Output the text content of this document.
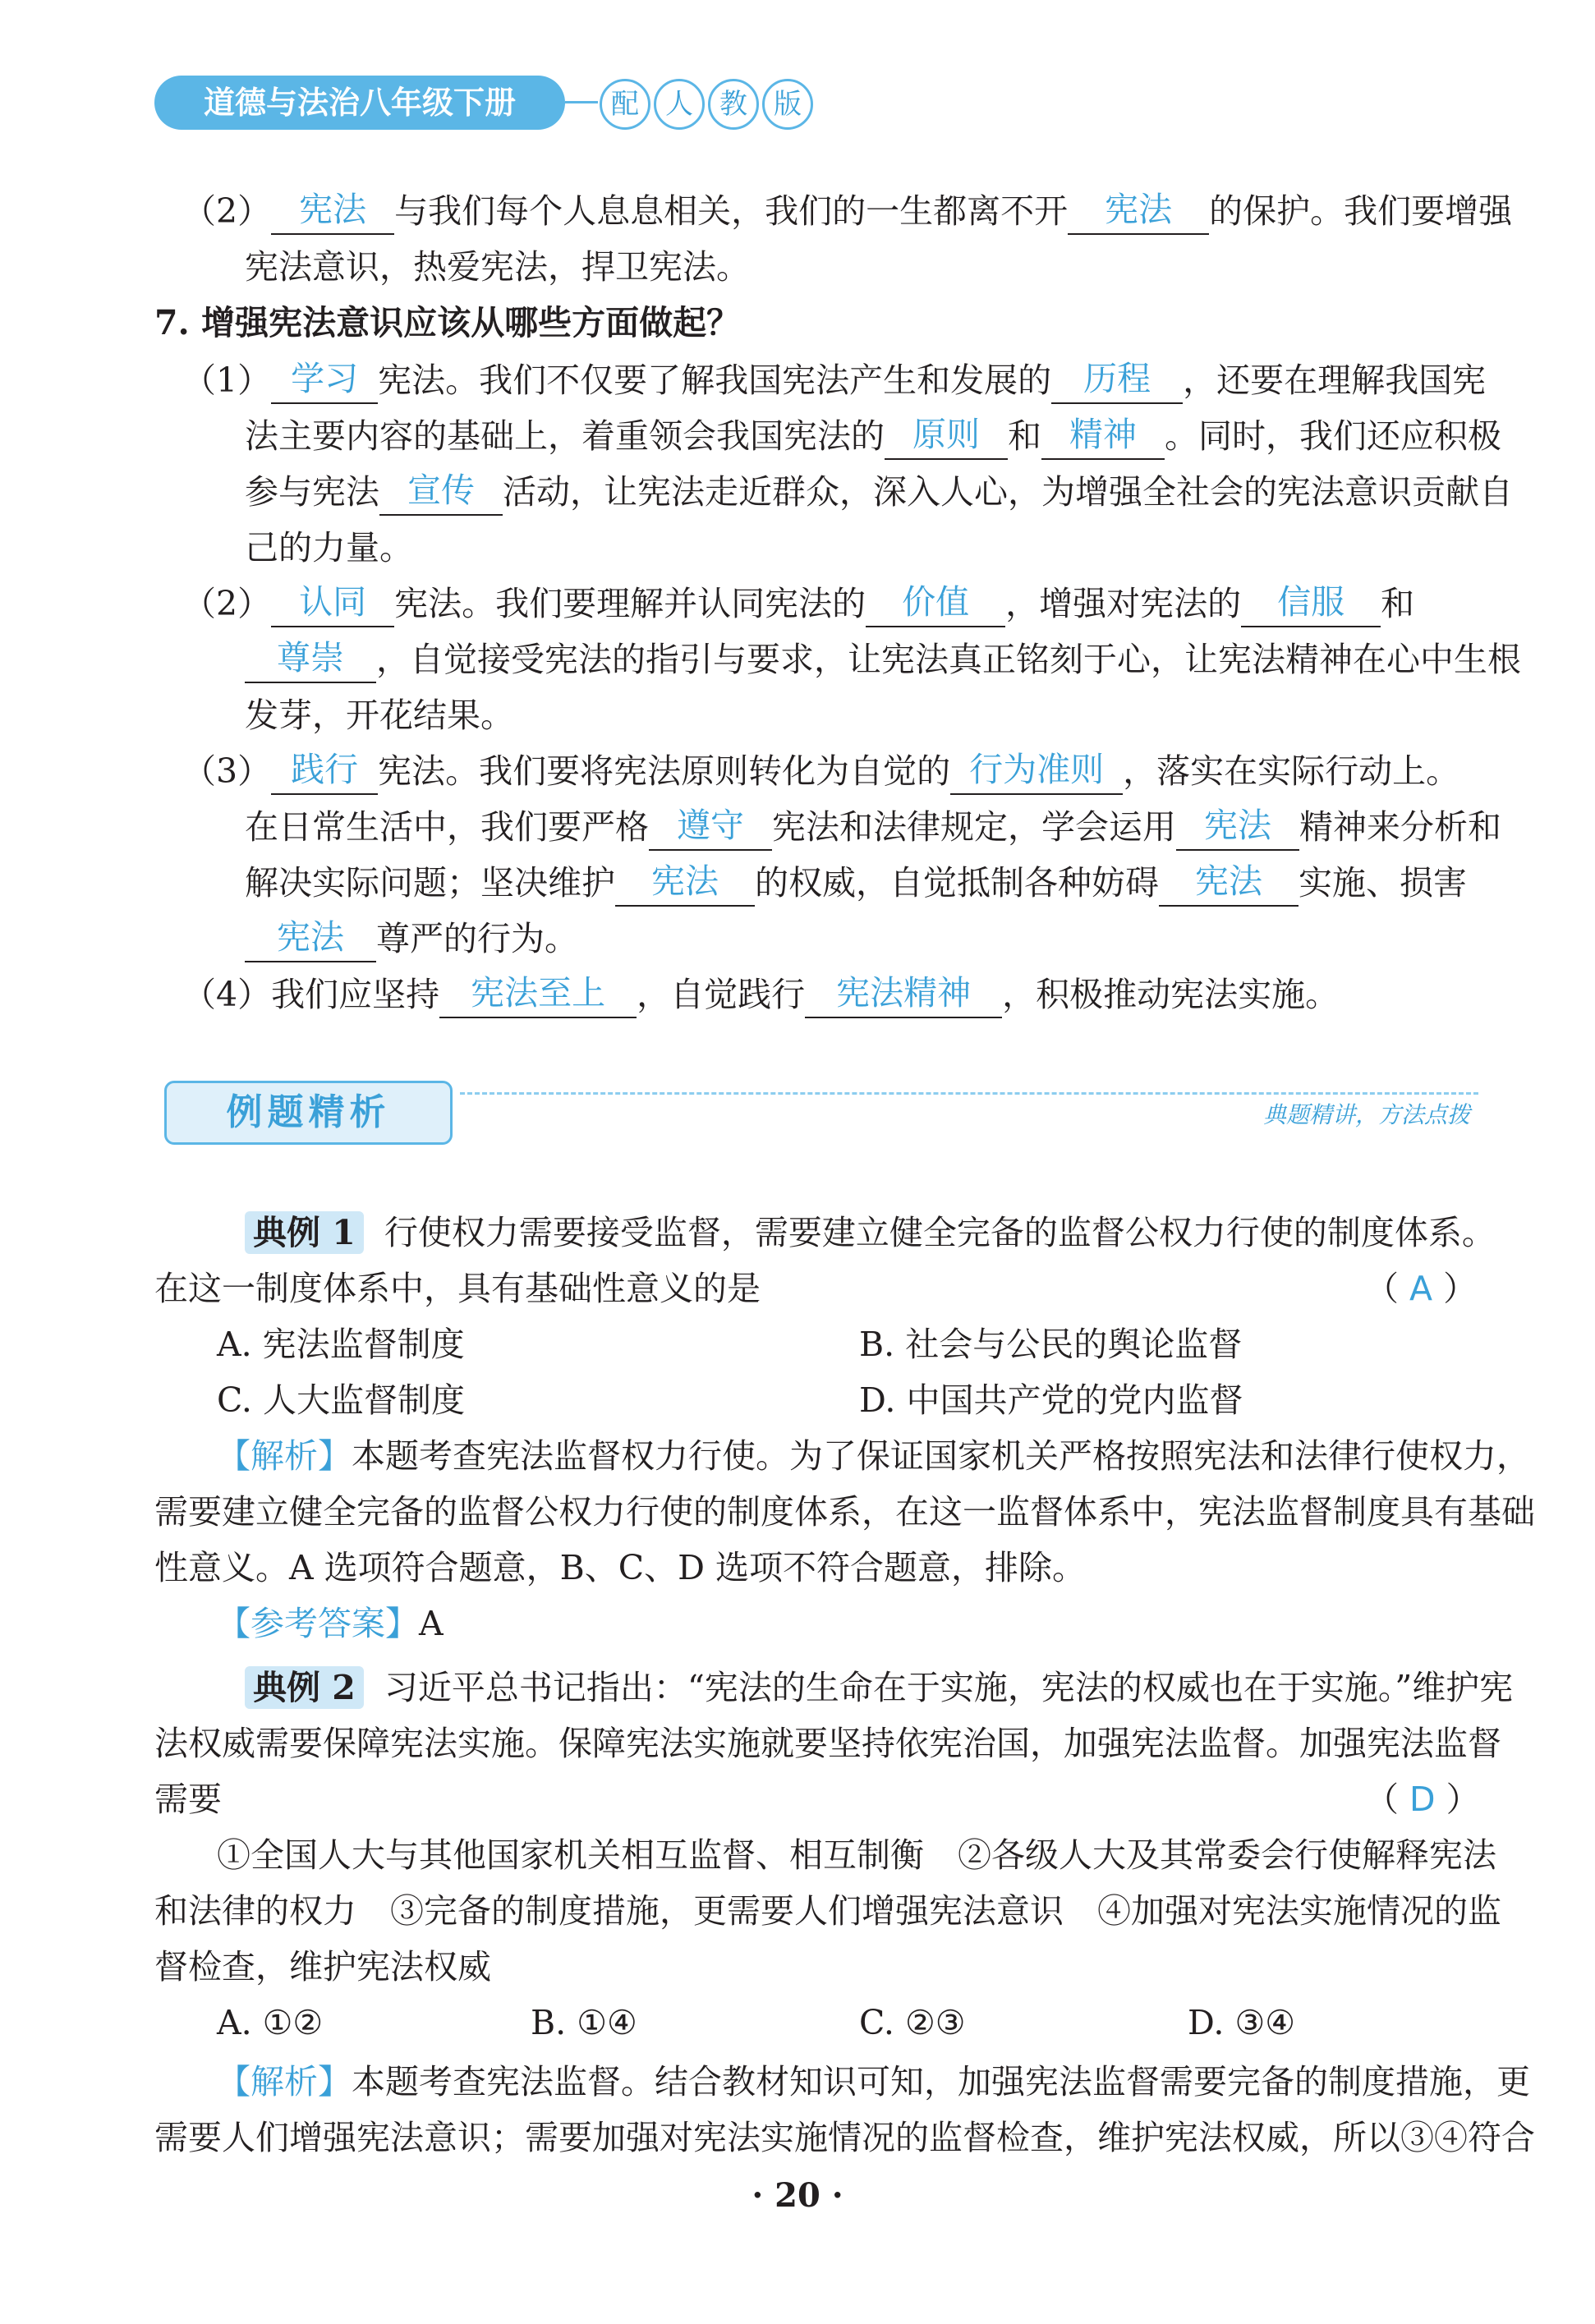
道德与法治八年级下册	配 人 教 版
（2） 宪法 与我们每个人息息相关，我们的一生都离不开 宪法 的保护。我们要增强
宪法意识，热爱宪法，捍卫宪法。
7. 增强宪法意识应该从哪些方面做起？
（1） 学习 宪法。我们不仅要了解我国宪法产生和发展的 历程 ，还要在理解我国宪
法主要内容的基础上，着重领会我国宪法的 原则 和 精神 。同时，我们还应积极
参与宪法 宣传 活动，让宪法走近群众，深入人心，为增强全社会的宪法意识贡献自
己的力量。
（2） 认同 宪法。我们要理解并认同宪法的 价值 ，增强对宪法的 信服 和
尊崇 ，自觉接受宪法的指引与要求，让宪法真正铭刻于心，让宪法精神在心中生根
发芽，开花结果。
（3） 践行 宪法。我们要将宪法原则转化为自觉的 行为准则 ，落实在实际行动上。
在日常生活中，我们要严格 遵守 宪法和法律规定，学会运用 宪法 精神来分析和
解决实际问题；坚决维护 宪法 的权威，自觉抵制各种妨碍 宪法 实施、损害
宪法 尊严的行为。
（4）我们应坚持 宪法至上 ，自觉践行 宪法精神 ，积极推动宪法实施。
例题精析	典题精讲，方法点拨
典例 1 行使权力需要接受监督，需要建立健全完备的监督公权力行使的制度体系。
在这一制度体系中，具有基础性意义的是	（ A ）
A. 宪法监督制度	B. 社会与公民的舆论监督
C. 人大监督制度	D. 中国共产党的党内监督
【解析】本题考查宪法监督权力行使。为了保证国家机关严格按照宪法和法律行使权力，
需要建立健全完备的监督公权力行使的制度体系，在这一监督体系中，宪法监督制度具有基础
性意义。A 选项符合题意，B、C、D 选项不符合题意，排除。
【参考答案】A
典例 2 习近平总书记指出：“宪法的生命在于实施，宪法的权威也在于实施。”维护宪
法权威需要保障宪法实施。保障宪法实施就要坚持依宪治国，加强宪法监督。加强宪法监督
需要	（ D ）
①全国人大与其他国家机关相互监督、相互制衡　②各级人大及其常委会行使解释宪法
和法律的权力　③完备的制度措施，更需要人们增强宪法意识　④加强对宪法实施情况的监
督检查，维护宪法权威
A. ①②	B. ①④	C. ②③	D. ③④
【解析】本题考查宪法监督。结合教材知识可知，加强宪法监督需要完备的制度措施，更
需要人们增强宪法意识；需要加强对宪法实施情况的监督检查，维护宪法权威，所以③④符合
· 20 ·
